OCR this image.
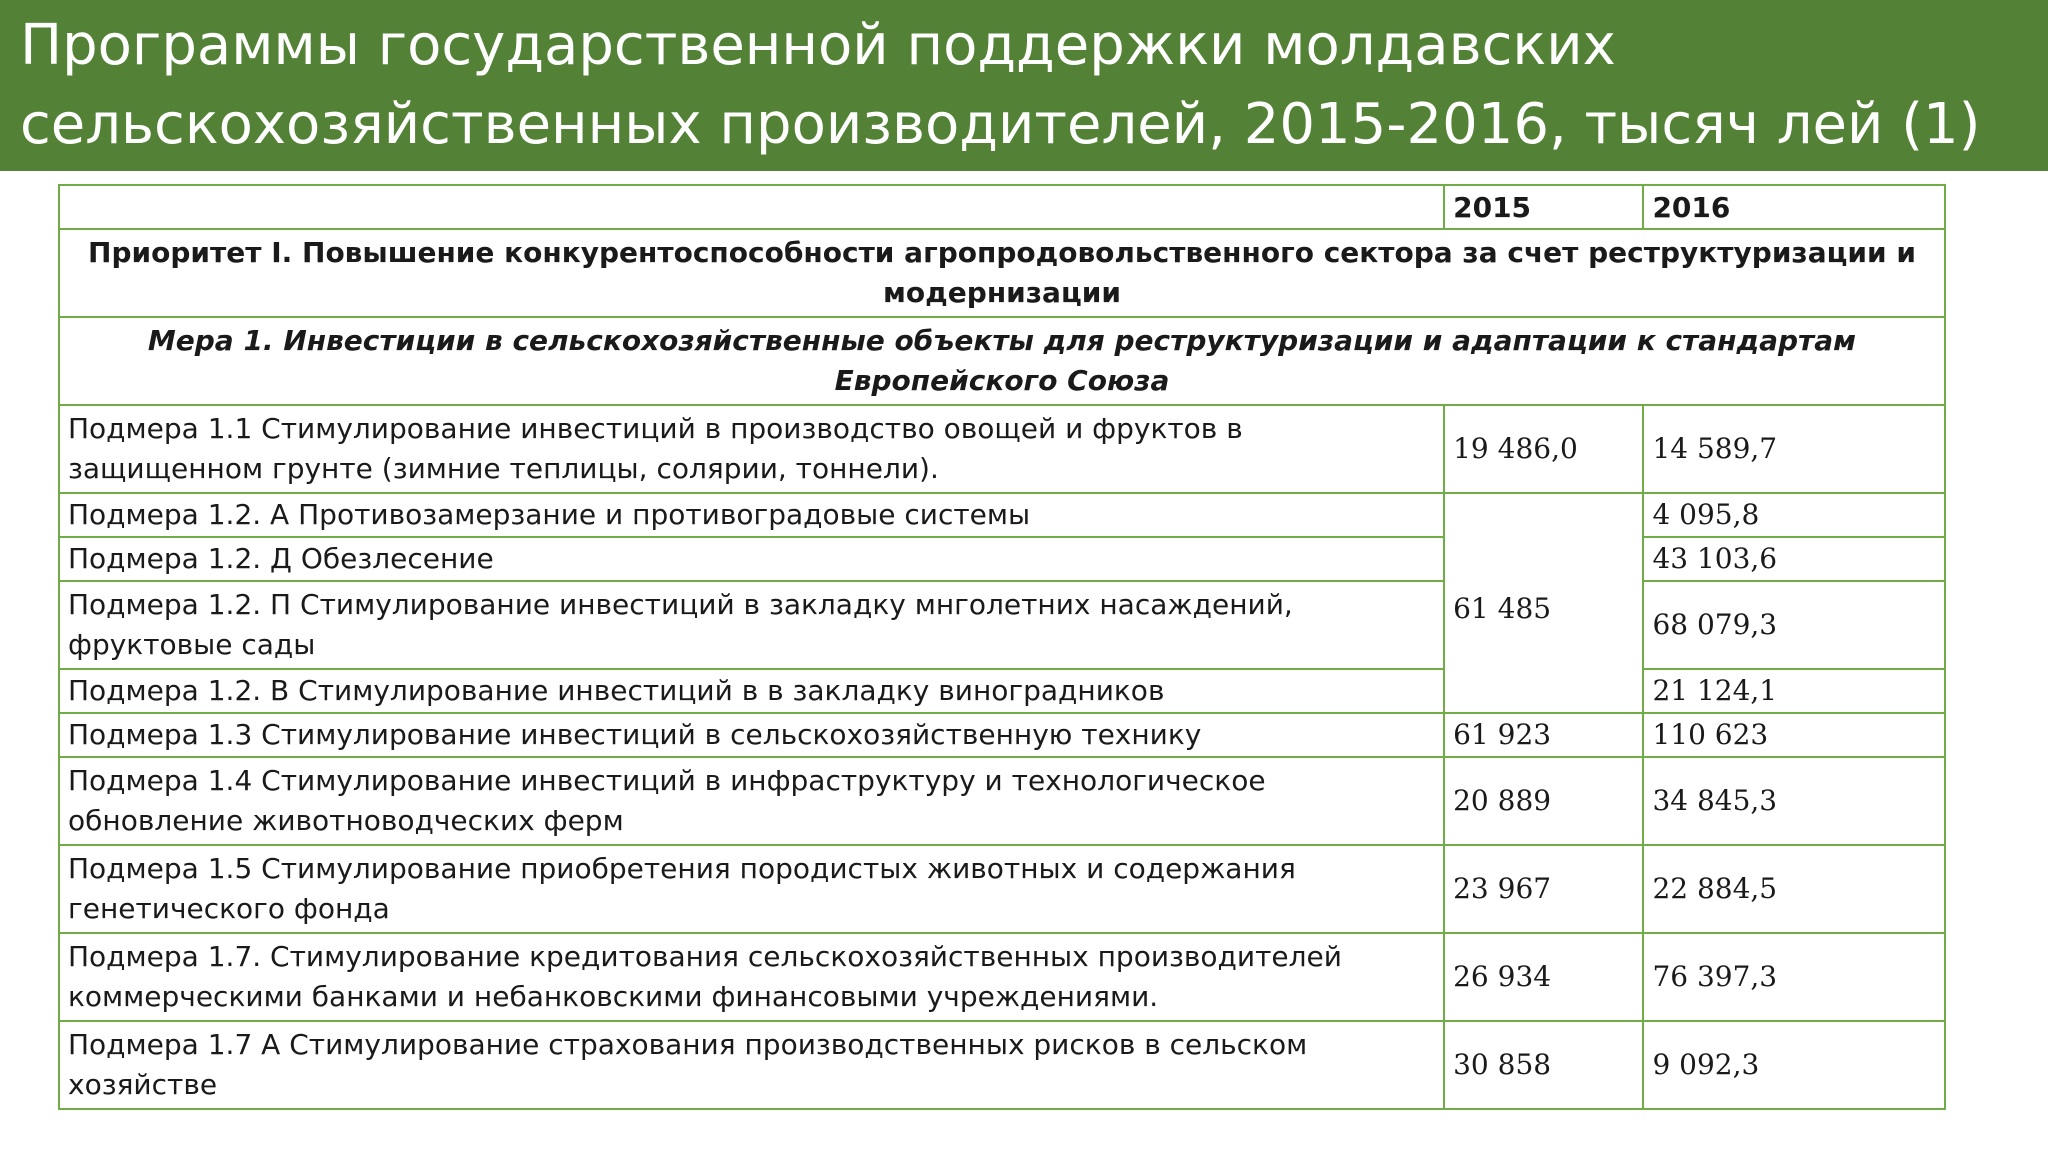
Программы государственной поддержки молдавских
сельскохозяйственных производителей, 2015-2016, тысяч лей (1)
	2015	2016
Приоритет I. Повышение конкурентоспособности агропродовольственного сектора за счет реструктуризации и модернизации		
Мера 1. Инвестиции в сельскохозяйственные объекты для реструктуризации и адаптации к стандартам Европейского Союза		
Подмера 1.1 Стимулирование инвестиций в производство овощей и фруктов в защищенном грунте (зимние теплицы, солярии, тоннели).	19 486,0	14 589,7
Подмера 1.2. А Противозамерзание и противоградовые системы	61 485	4 095,8
Подмера 1.2. Д Обезлесение		43 103,6
Подмера 1.2. П Стимулирование инвестиций в закладку мнголетних насаждений, фруктовые сады		68 079,3
Подмера 1.2. В Стимулирование инвестиций в в закладку виноградников		21 124,1
Подмера 1.3 Стимулирование инвестиций в сельскохозяйственную технику	61 923	110 623
Подмера 1.4 Стимулирование инвестиций в инфраструктуру и технологическое обновление животноводческих ферм	20 889	34 845,3
Подмера 1.5 Стимулирование приобретения породистых животных и содержания генетического фонда	23 967	22 884,5
Подмера 1.7. Стимулирование кредитования сельскохозяйственных производителей коммерческими банками и небанковскими финансовыми учреждениями.	26 934	76 397,3
Подмера 1.7 А Стимулирование страхования производственных рисков в сельском хозяйстве	30 858	9 092,3
